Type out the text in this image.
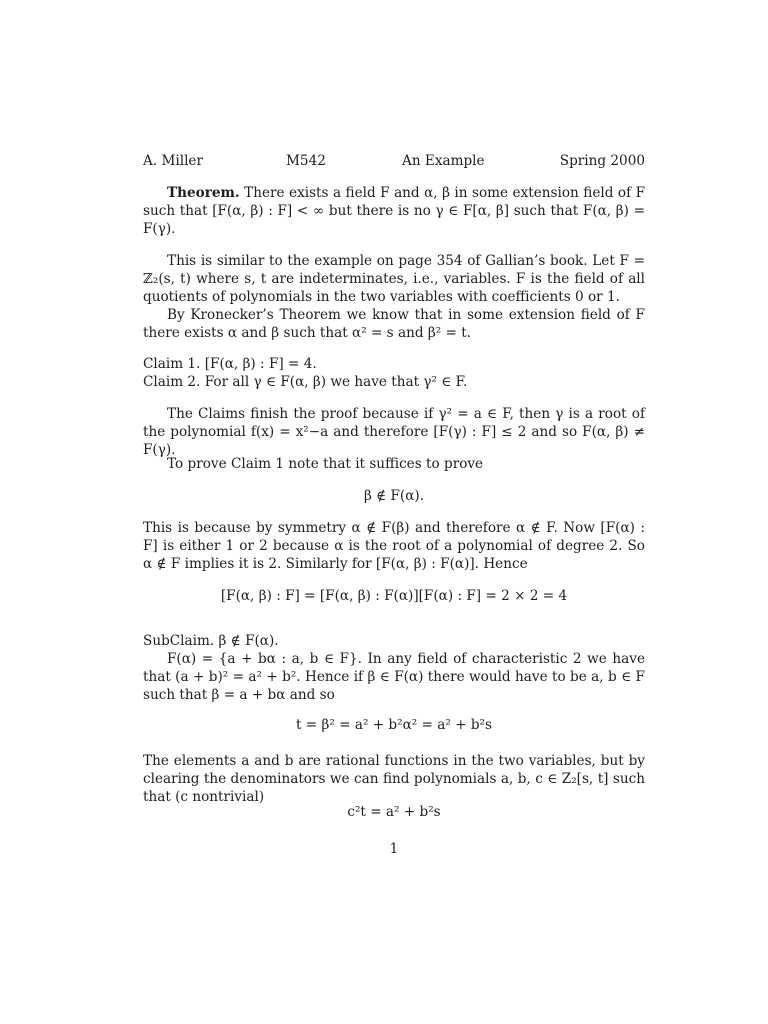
A. Miller	M542	An Example	Spring 2000

Theorem. There exists a field F and α, β in some extension field of F such that [F(α, β) : F] < ∞ but there is no γ ∈ F[α, β] such that F(α, β) = F(γ).

This is similar to the example on page 354 of Gallian’s book. Let F = ℤ₂(s, t) where s, t are indeterminates, i.e., variables. F is the field of all quotients of polynomials in the two variables with coefficients 0 or 1.

By Kronecker’s Theorem we know that in some extension field of F there exists α and β such that α² = s and β² = t.

Claim 1. [F(α, β) : F] = 4.

Claim 2. For all γ ∈ F(α, β) we have that γ² ∈ F.

The Claims finish the proof because if γ² = a ∈ F, then γ is a root of the polynomial f(x) = x²−a and therefore [F(γ) : F] ≤ 2 and so F(α, β) ≠ F(γ).

To prove Claim 1 note that it suffices to prove

β ∉ F(α).

This is because by symmetry α ∉ F(β) and therefore α ∉ F. Now [F(α) : F] is either 1 or 2 because α is the root of a polynomial of degree 2. So α ∉ F implies it is 2. Similarly for [F(α, β) : F(α)]. Hence

[F(α, β) : F] = [F(α, β) : F(α)][F(α) : F] = 2 × 2 = 4

SubClaim. β ∉ F(α).

F(α) = {a + bα : a, b ∈ F}. In any field of characteristic 2 we have that (a + b)² = a² + b². Hence if β ∈ F(α) there would have to be a, b ∈ F such that β = a + bα and so

t = β² = a² + b²α² = a² + b²s

The elements a and b are rational functions in the two variables, but by clearing the denominators we can find polynomials a, b, c ∈ Z₂[s, t] such that (c nontrivial)

c²t = a² + b²s
1
